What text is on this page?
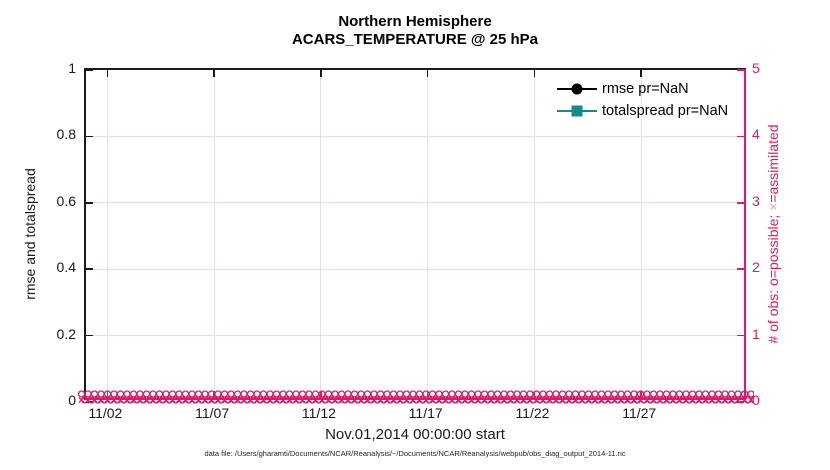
Northern Hemisphere
ACARS_TEMPERATURE @ 25 hPa
rmse and totalspread	# of obs: o=possible; ×=assimilated
Nov.01,2014 00:00:00 start
rmse pr=NaN
totalspread pr=NaN
data file: /Users/gharamti/Documents/NCAR/Reanalysis/~/Documents/NCAR/Reanalysis/webpub/obs_diag_output_2014-11.nc
11/02	11/07	11/12	11/17	11/22	11/27
0	0
0.2	1
0.4	2
0.6	3
0.8	4
1	5
